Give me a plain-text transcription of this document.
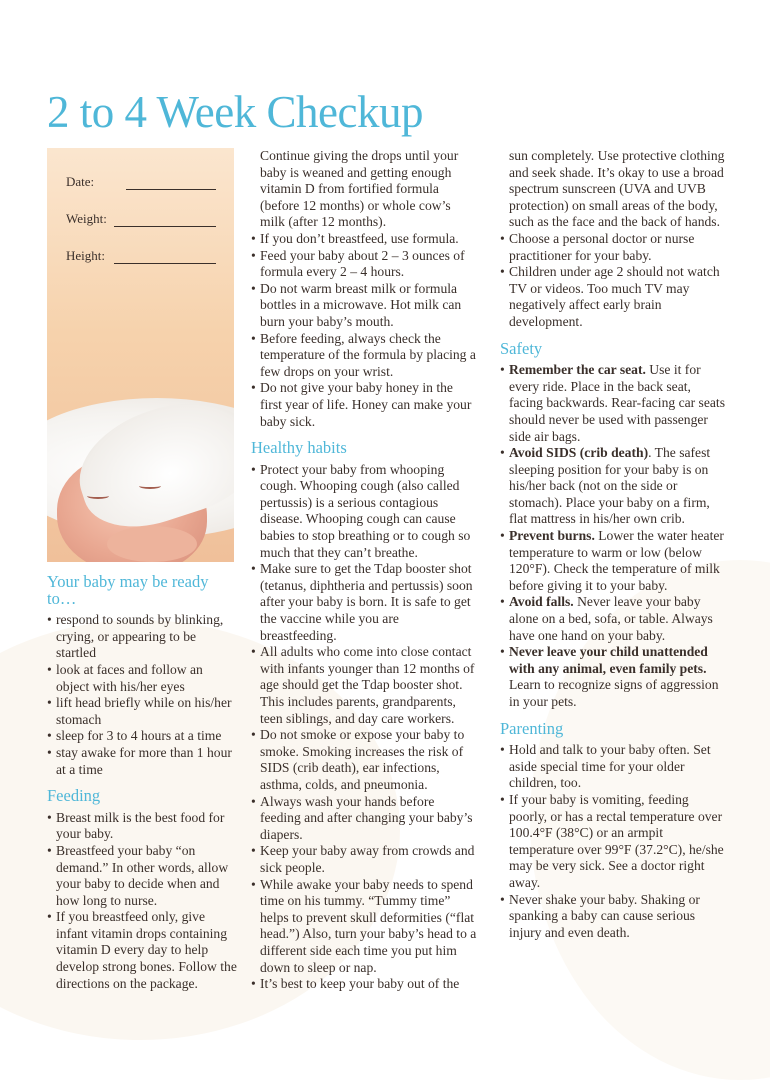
2 to 4 Week Checkup
Date:
Weight:
Height:
Your baby may be ready to…
• respond to sounds by blinking, crying, or appearing to be startled
• look at faces and follow an object with his/her eyes
• lift head briefly while on his/her stomach
• sleep for 3 to 4 hours at a time
• stay awake for more than 1 hour at a time
Feeding
• Breast milk is the best food for your baby.
• Breastfeed your baby “on demand.” In other words, allow your baby to decide when and how long to nurse.
• If you breastfeed only, give infant vitamin drops containing vitamin D every day to help develop strong bones. Follow the directions on the package.

Continue giving the drops until your baby is weaned and getting enough vitamin D from fortified formula (before 12 months) or whole cow’s milk (after 12 months).

• If you don’t breastfeed, use formula.
• Feed your baby about 2 – 3 ounces of formula every 2 – 4 hours.
• Do not warm breast milk or formula bottles in a microwave. Hot milk can burn your baby’s mouth.
• Before feeding, always check the temperature of the formula by placing a few drops on your wrist.
• Do not give your baby honey in the first year of life. Honey can make your baby sick.
Healthy habits
• Protect your baby from whooping cough. Whooping cough (also called pertussis) is a serious contagious disease. Whooping cough can cause babies to stop breathing or to cough so much that they can’t breathe.
• Make sure to get the Tdap booster shot (tetanus, diphtheria and pertussis) soon after your baby is born. It is safe to get the vaccine while you are breastfeeding.
• All adults who come into close contact with infants younger than 12 months of age should get the Tdap booster shot. This includes parents, grandparents, teen siblings, and day care workers.
• Do not smoke or expose your baby to smoke. Smoking increases the risk of SIDS (crib death), ear infections, asthma, colds, and pneumonia.
• Always wash your hands before feeding and after changing your baby’s diapers.
• Keep your baby away from crowds and sick people.
• While awake your baby needs to spend time on his tummy. “Tummy time” helps to prevent skull deformities (“flat head.”) Also, turn your baby’s head to a different side each time you put him down to sleep or nap.
• It’s best to keep your baby out of the

sun completely. Use protective clothing and seek shade. It’s okay to use a broad spectrum sunscreen (UVA and UVB protection) on small areas of the body, such as the face and the back of hands.

• Choose a personal doctor or nurse practitioner for your baby.
• Children under age 2 should not watch TV or videos. Too much TV may negatively affect early brain development.
Safety
• Remember the car seat. Use it for every ride. Place in the back seat, facing backwards. Rear-facing car seats should never be used with passenger side air bags.
• Avoid SIDS (crib death). The safest sleeping position for your baby is on his/her back (not on the side or stomach). Place your baby on a firm, flat mattress in his/her own crib.
• Prevent burns. Lower the water heater temperature to warm or low (below 120°F). Check the temperature of milk before giving it to your baby.
• Avoid falls. Never leave your baby alone on a bed, sofa, or table. Always have one hand on your baby.
• Never leave your child unattended with any animal, even family pets. Learn to recognize signs of aggression in your pets.
Parenting
• Hold and talk to your baby often. Set aside special time for your older children, too.
• If your baby is vomiting, feeding poorly, or has a rectal temperature over 100.4°F (38°C) or an armpit temperature over 99°F (37.2°C), he/she may be very sick. See a doctor right away.
• Never shake your baby. Shaking or spanking a baby can cause serious injury and even death.
